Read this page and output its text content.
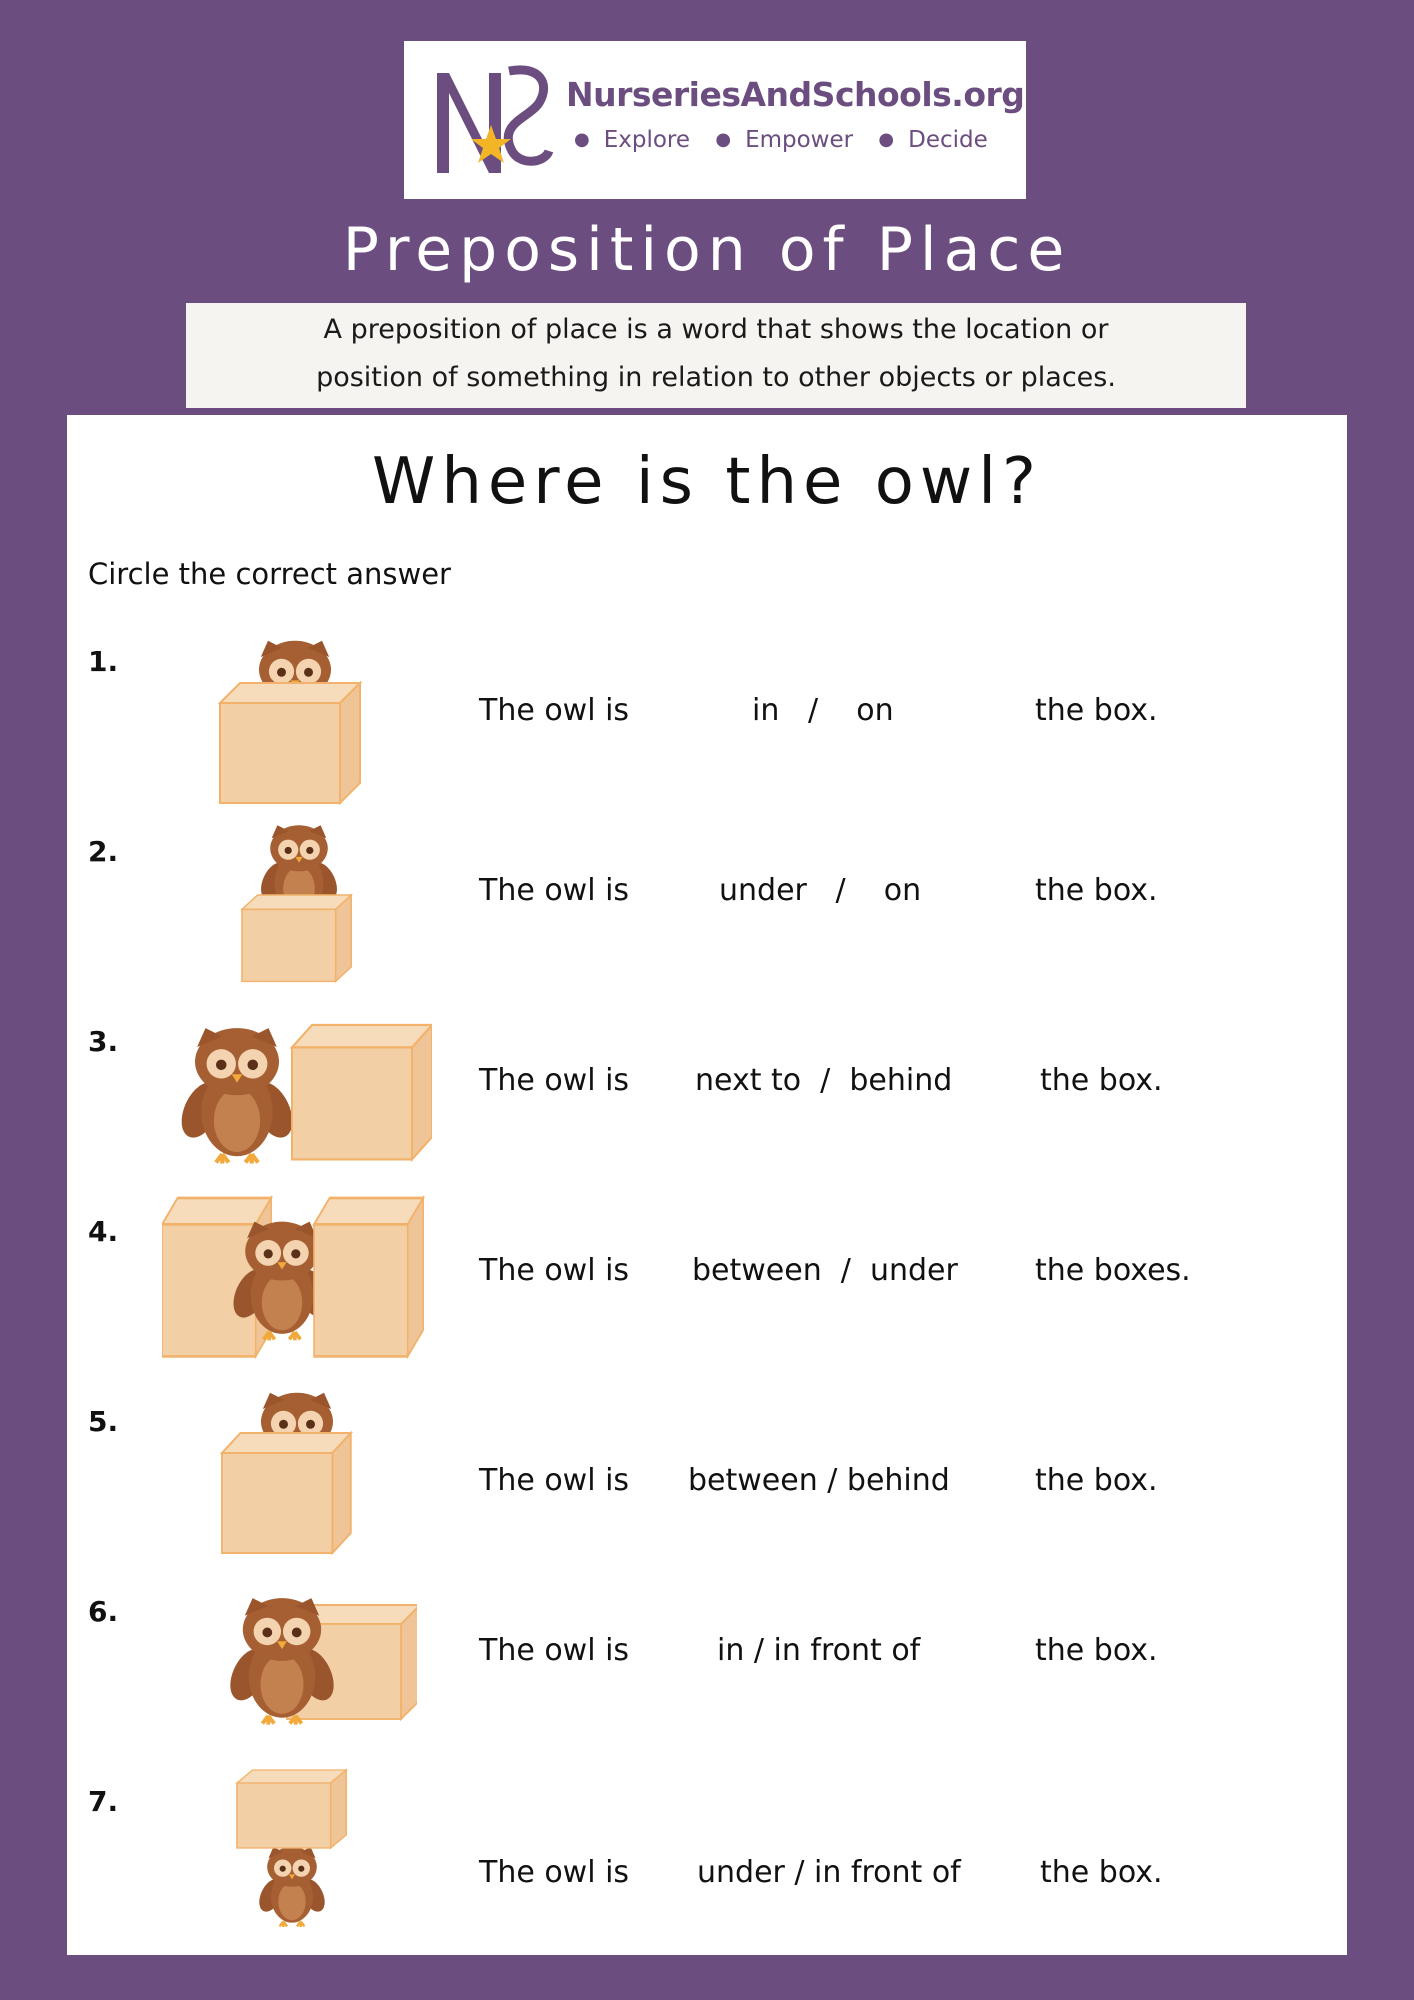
NurseriesAndSchools.org
● Explore ● Empower ● Decide
Preposition of Place
A preposition of place is a word that shows the location or
position of something in relation to other objects or places.
Where is the owl?
Circle the correct answer
1.
The owl is	in   /    on	the box.
2.
The owl is	under   /    on	the box.
3.
The owl is next to  /  behind	the box.
4.
The owl is between  /  under	the boxes.
5.
The owl is between / behind	the box.
6.
The owl is	in / in front of	the box.
7.
The owl is under / in front of	the box.
